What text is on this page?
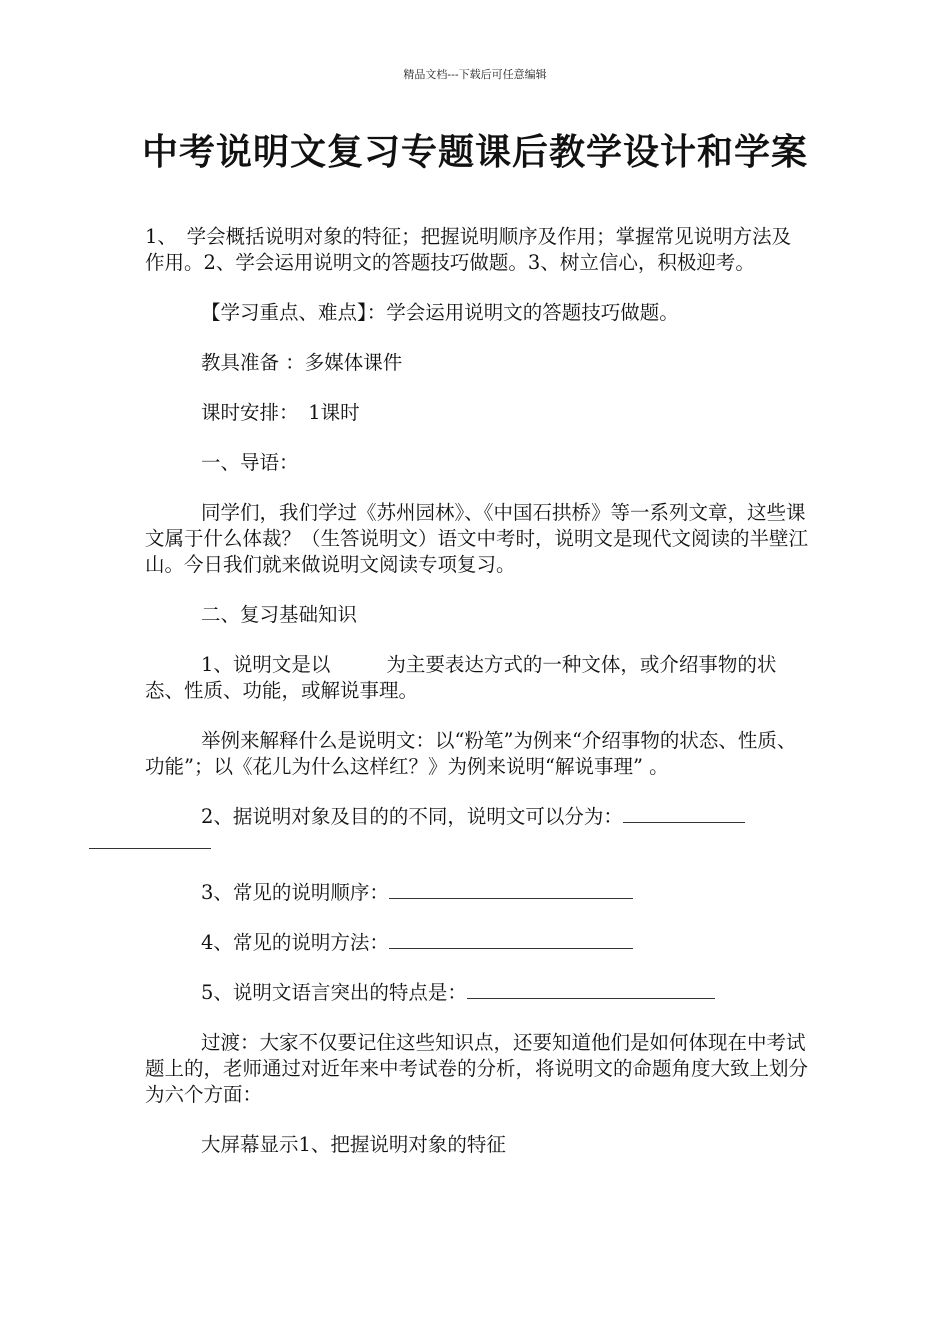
精品文档---下载后可任意编辑
中考说明文复习专题课后教学设计和学案

1、　学会概括说明对象的特征；把握说明顺序及作用；掌握常见说明方法及作用。2、学会运用说明文的答题技巧做题。3、树立信心，积极迎考。

【学习重点、难点】：学会运用说明文的答题技巧做题。

教具准备 ：多媒体课件

课时安排：　1课时

一、导语：

同学们，我们学过《苏州园林》、《中国石拱桥》等一系列文章，这些课文属于什么体裁？（生答说明文）语文中考时，说明文是现代文阅读的半壁江山。今日我们就来做说明文阅读专项复习。

二、复习基础知识

1、说明文是以	为主要表达方式的一种文体，或介绍事物的状态、性质、功能，或解说事理。

举例来解释什么是说明文：以“粉笔”为例来“介绍事物的状态、性质、功能”；以《花儿为什么这样红？》为例来说明“解说事理” 。

2、据说明对象及目的的不同，说明文可以分为：

3、常见的说明顺序：

4、常见的说明方法：

5、说明文语言突出的特点是：

过渡：大家不仅要记住这些知识点，还要知道他们是如何体现在中考试题上的，老师通过对近年来中考试卷的分析，将说明文的命题角度大致上划分为六个方面：

大屏幕显示1、把握说明对象的特征
